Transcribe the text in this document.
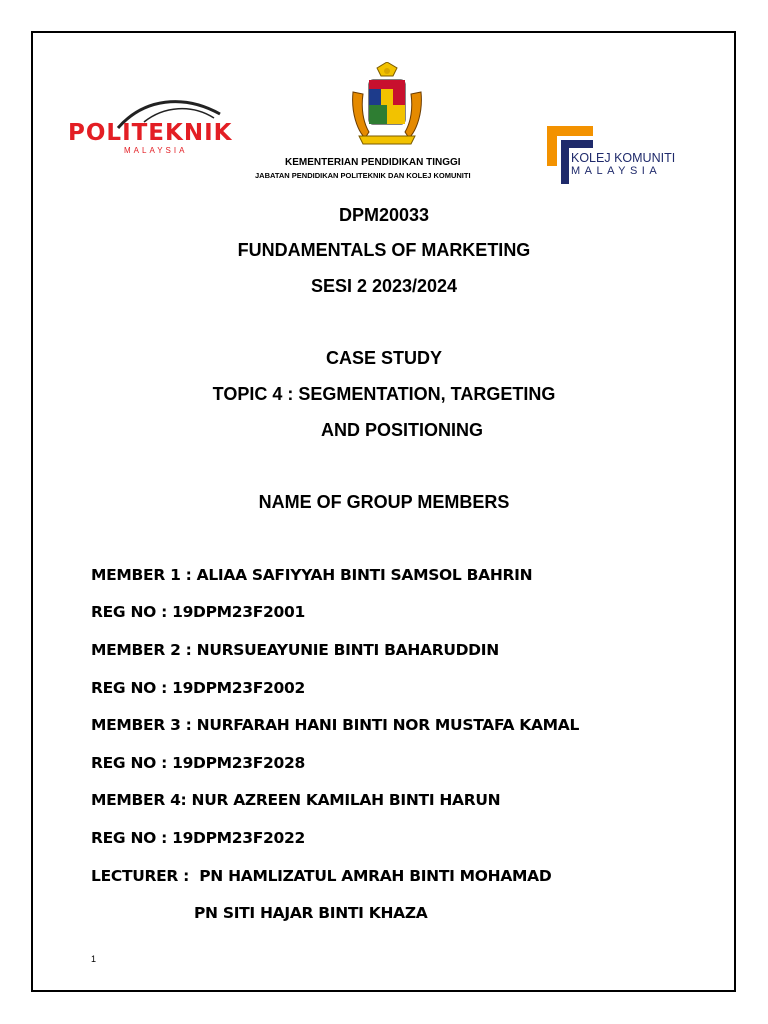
POLITEKNIK
MALAYSIA
KEMENTERIAN PENDIDIKAN TINGGI
JABATAN PENDIDIKAN POLITEKNIK DAN KOLEJ KOMUNITI
KOLEJ KOMUNITI
MALAYSIA
DPM20033
FUNDAMENTALS OF MARKETING
SESI 2 2023/2024
CASE STUDY
TOPIC 4 : SEGMENTATION, TARGETING
AND POSITIONING
NAME OF GROUP MEMBERS
MEMBER 1 : ALIAA SAFIYYAH BINTI SAMSOL BAHRIN
REG NO : 19DPM23F2001
MEMBER 2 : NURSUEAYUNIE BINTI BAHARUDDIN
REG NO : 19DPM23F2002
MEMBER 3 : NURFARAH HANI BINTI NOR MUSTAFA KAMAL
REG NO : 19DPM23F2028
MEMBER 4: NUR AZREEN KAMILAH BINTI HARUN
REG NO : 19DPM23F2022
LECTURER :  PN HAMLIZATUL AMRAH BINTI MOHAMAD
PN SITI HAJAR BINTI KHAZA
1
